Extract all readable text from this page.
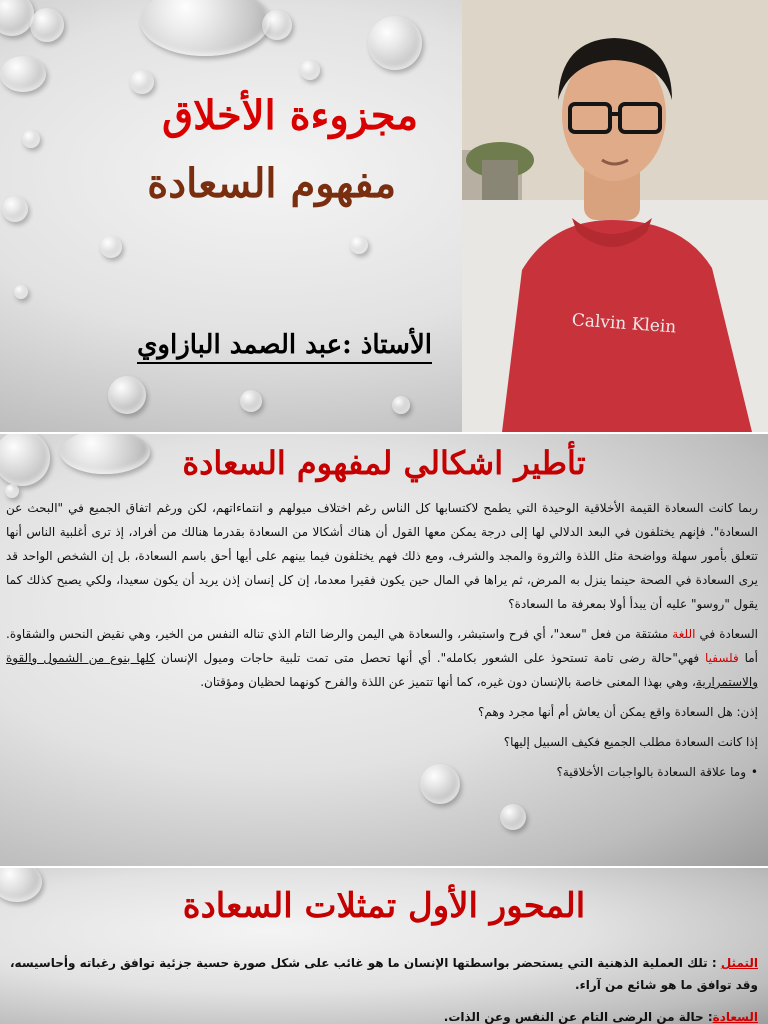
مجزوءة الأخلاق
مفهوم السعادة
الأستاذ :عبد الصمد البازاوي
Calvin Klein
تأطير اشكالي لمفهوم السعادة

ربما كانت السعادة القيمة الأخلاقية الوحيدة التي يطمح لاكتسابها كل الناس رغم اختلاف ميولهم و انتماءاتهم، لكن ورغم اتفاق الجميع في "البحث عن السعادة". فإنهم يختلفون في البعد الدلالي لها إلى درجة يمكن معها القول أن هناك أشكالا من السعادة بقدرما هنالك من أفراد، إذ ترى أغلبية الناس أنها تتعلق بأمور سهلة وواضحة مثل اللذة والثروة والمجد والشرف، ومع ذلك فهم يختلفون فيما بينهم على أيها أحق باسم السعادة، بل إن الشخص الواحد قد يرى السعادة في الصحة حينما ينزل به المرض، ثم يراها في المال حين يكون فقيرا معدما، إن كل إنسان إذن يريد أن يكون سعيدا، ولكي يصبح كذلك كما يقول "روسو" عليه أن يبدأ أولا بمعرفة ما السعادة؟

السعادة في اللغة مشتقة من فعل "سعد"، أي فرح واستبشر، والسعادة هي اليمن والرضا التام الذي تناله النفس من الخير، وهي نقيض النحس والشقاوة. أما فلسفيا فهي"حالة رضى تامة تستحوذ على الشعور بكامله". أي أنها تحصل متى تمت تلبية حاجات وميول الإنسان كلها بنوع من الشمول والقوة والاستمرارية، وهي بهذا المعنى خاصة بالإنسان دون غيره، كما أنها تتميز عن اللذة والفرح كونهما لحظيان ومؤقتان.

إذن: هل السعادة واقع يمكن أن يعاش أم أنها مجرد وهم؟

إذا كانت السعادة مطلب الجميع فكيف السبيل إليها؟

•وما علاقة السعادة بالواجبات الأخلاقية؟

المحور الأول تمثلات السعادة
التمثل : تلك العملية الذهنية التي يستحضر بواسطتها الإنسان ما هو غائب على شكل صورة حسية جزئية توافق رغباته وأحاسيسه، وقد توافق ما هو شائع من آراء.
السعادة: حالة من الرضى التام عن النفس وعن الذات.
